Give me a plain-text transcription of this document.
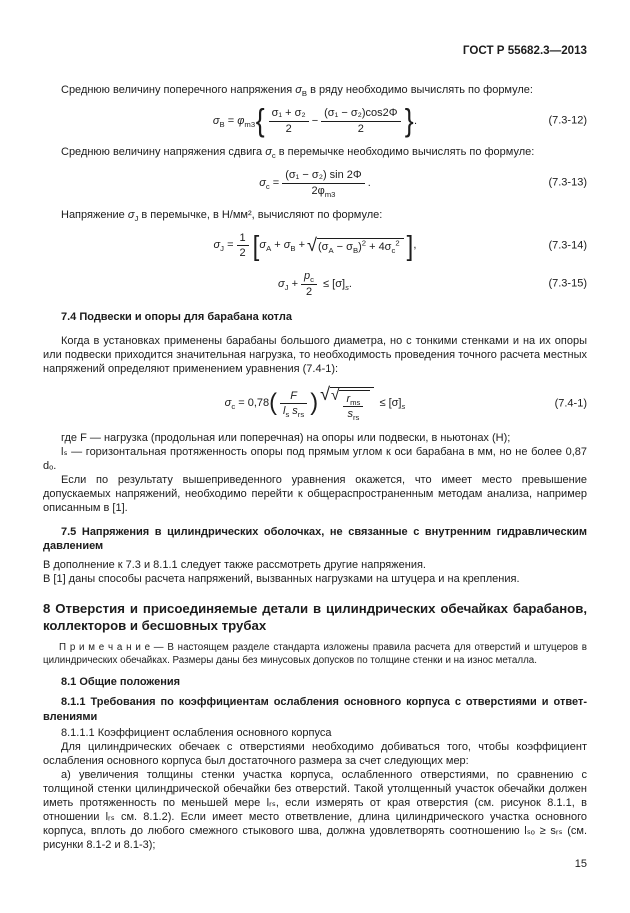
ГОСТ Р 55682.3—2013

Среднюю величину поперечного напряжения $\sigma_B$ в ряду необходимо вычислять по формуле:

$\sigma_B = \varphi_{m3}\{ \frac{\text{σ₁ + σ₂}}{2} - \frac{\text{(σ₁ − σ₂)cos2Φ}}{2}$ }.	(7.3-12)

Среднюю величину напряжения сдвига $\sigma_c$ в перемычке необходимо вычислять по формуле:

$\sigma_c = \frac{\text{(σ₁ − σ₂) sin 2Φ}}{2\varphi_{m3}}$ .	(7.3-13)

Напряжение $\sigma_J$ в перемычке, в Н/мм², вычисляют по формуле:

$\sigma_J = \frac{1}{2} [\sigma_A + \sigma_B$ + √ $(\sigma_A - \sigma_B)^2 + 4\sigma_c^2$ ],	(7.3-14)
$\sigma_J + \frac{p_c}{2} \le [\sigma]_s$.	(7.3-15)

7.4 Подвески и опоры для барабана котла

Когда в установках применены барабаны большого диаметра, но с тонкими стенками и на их опоры или подвески приходится значительная нагрузка, то необходимость проведения точного расчета местных напряжений определяют применением уравнения (7.4-1):

$\sigma_c = 0,78( \frac{F}{l_s s_{rs}}$ ) √ √ $\frac{r_{ms}}{s_{rs}} \le [\sigma]_s$	(7.4-1)

где F — нагрузка (продольная или поперечная) на опоры или подвески, в ньютонах (Н);

lₛ — горизонтальная протяженность опоры под прямым углом к оси барабана в мм, но не более 0,87 dₒ.

Если по результату вышеприведенного уравнения окажется, что имеет место превышение допускаемых напряжений, необходимо перейти к общераспространенным методам анализа, например описанным в [1].

7.5 Напряжения в цилиндрических оболочках, не связанные с внутренним гидравлическим давлением

В дополнение к 7.3 и 8.1.1 следует также рассмотреть другие напряжения.

В [1] даны способы расчета напряжений, вызванных нагрузками на штуцера и на крепления.

8 Отверстия и присоединяемые детали в цилиндрических обечайках барабанов, коллекторов и бесшовных трубах

П р и м е ч а н и е — В настоящем разделе стандарта изложены правила расчета для отверстий и штуцеров в цилиндрических обечайках. Размеры даны без минусовых допусков по толщине стенки и на износ металла.

8.1 Общие положения

8.1.1 Требования по коэффициентам ослабления основного корпуса с отверстиями и ответвлениями

8.1.1.1 Коэффициент ослабления основного корпуса

Для цилиндрических обечаек с отверстиями необходимо добиваться того, чтобы коэффициент ослабления основного корпуса был достаточного размера за счет следующих мер:

а) увеличения толщины стенки участка корпуса, ослабленного отверстиями, по сравнению с толщиной стенки цилиндрической обечайки без отверстий. Такой утолщенный участок обечайки должен иметь протяженность по меньшей мере lᵣₛ, если измерять от края отверстия (см. рисунок 8.1.1, в отношении lᵣₛ см. 8.1.2). Если имеет место ответвление, длина цилиндрического участка основного корпуса, вплоть до любого смежного стыкового шва, должна удовлетворять соотношению lₛₒ ≥ sᵣₛ (см. рисунки 8.1-2 и 8.1-3);

15
